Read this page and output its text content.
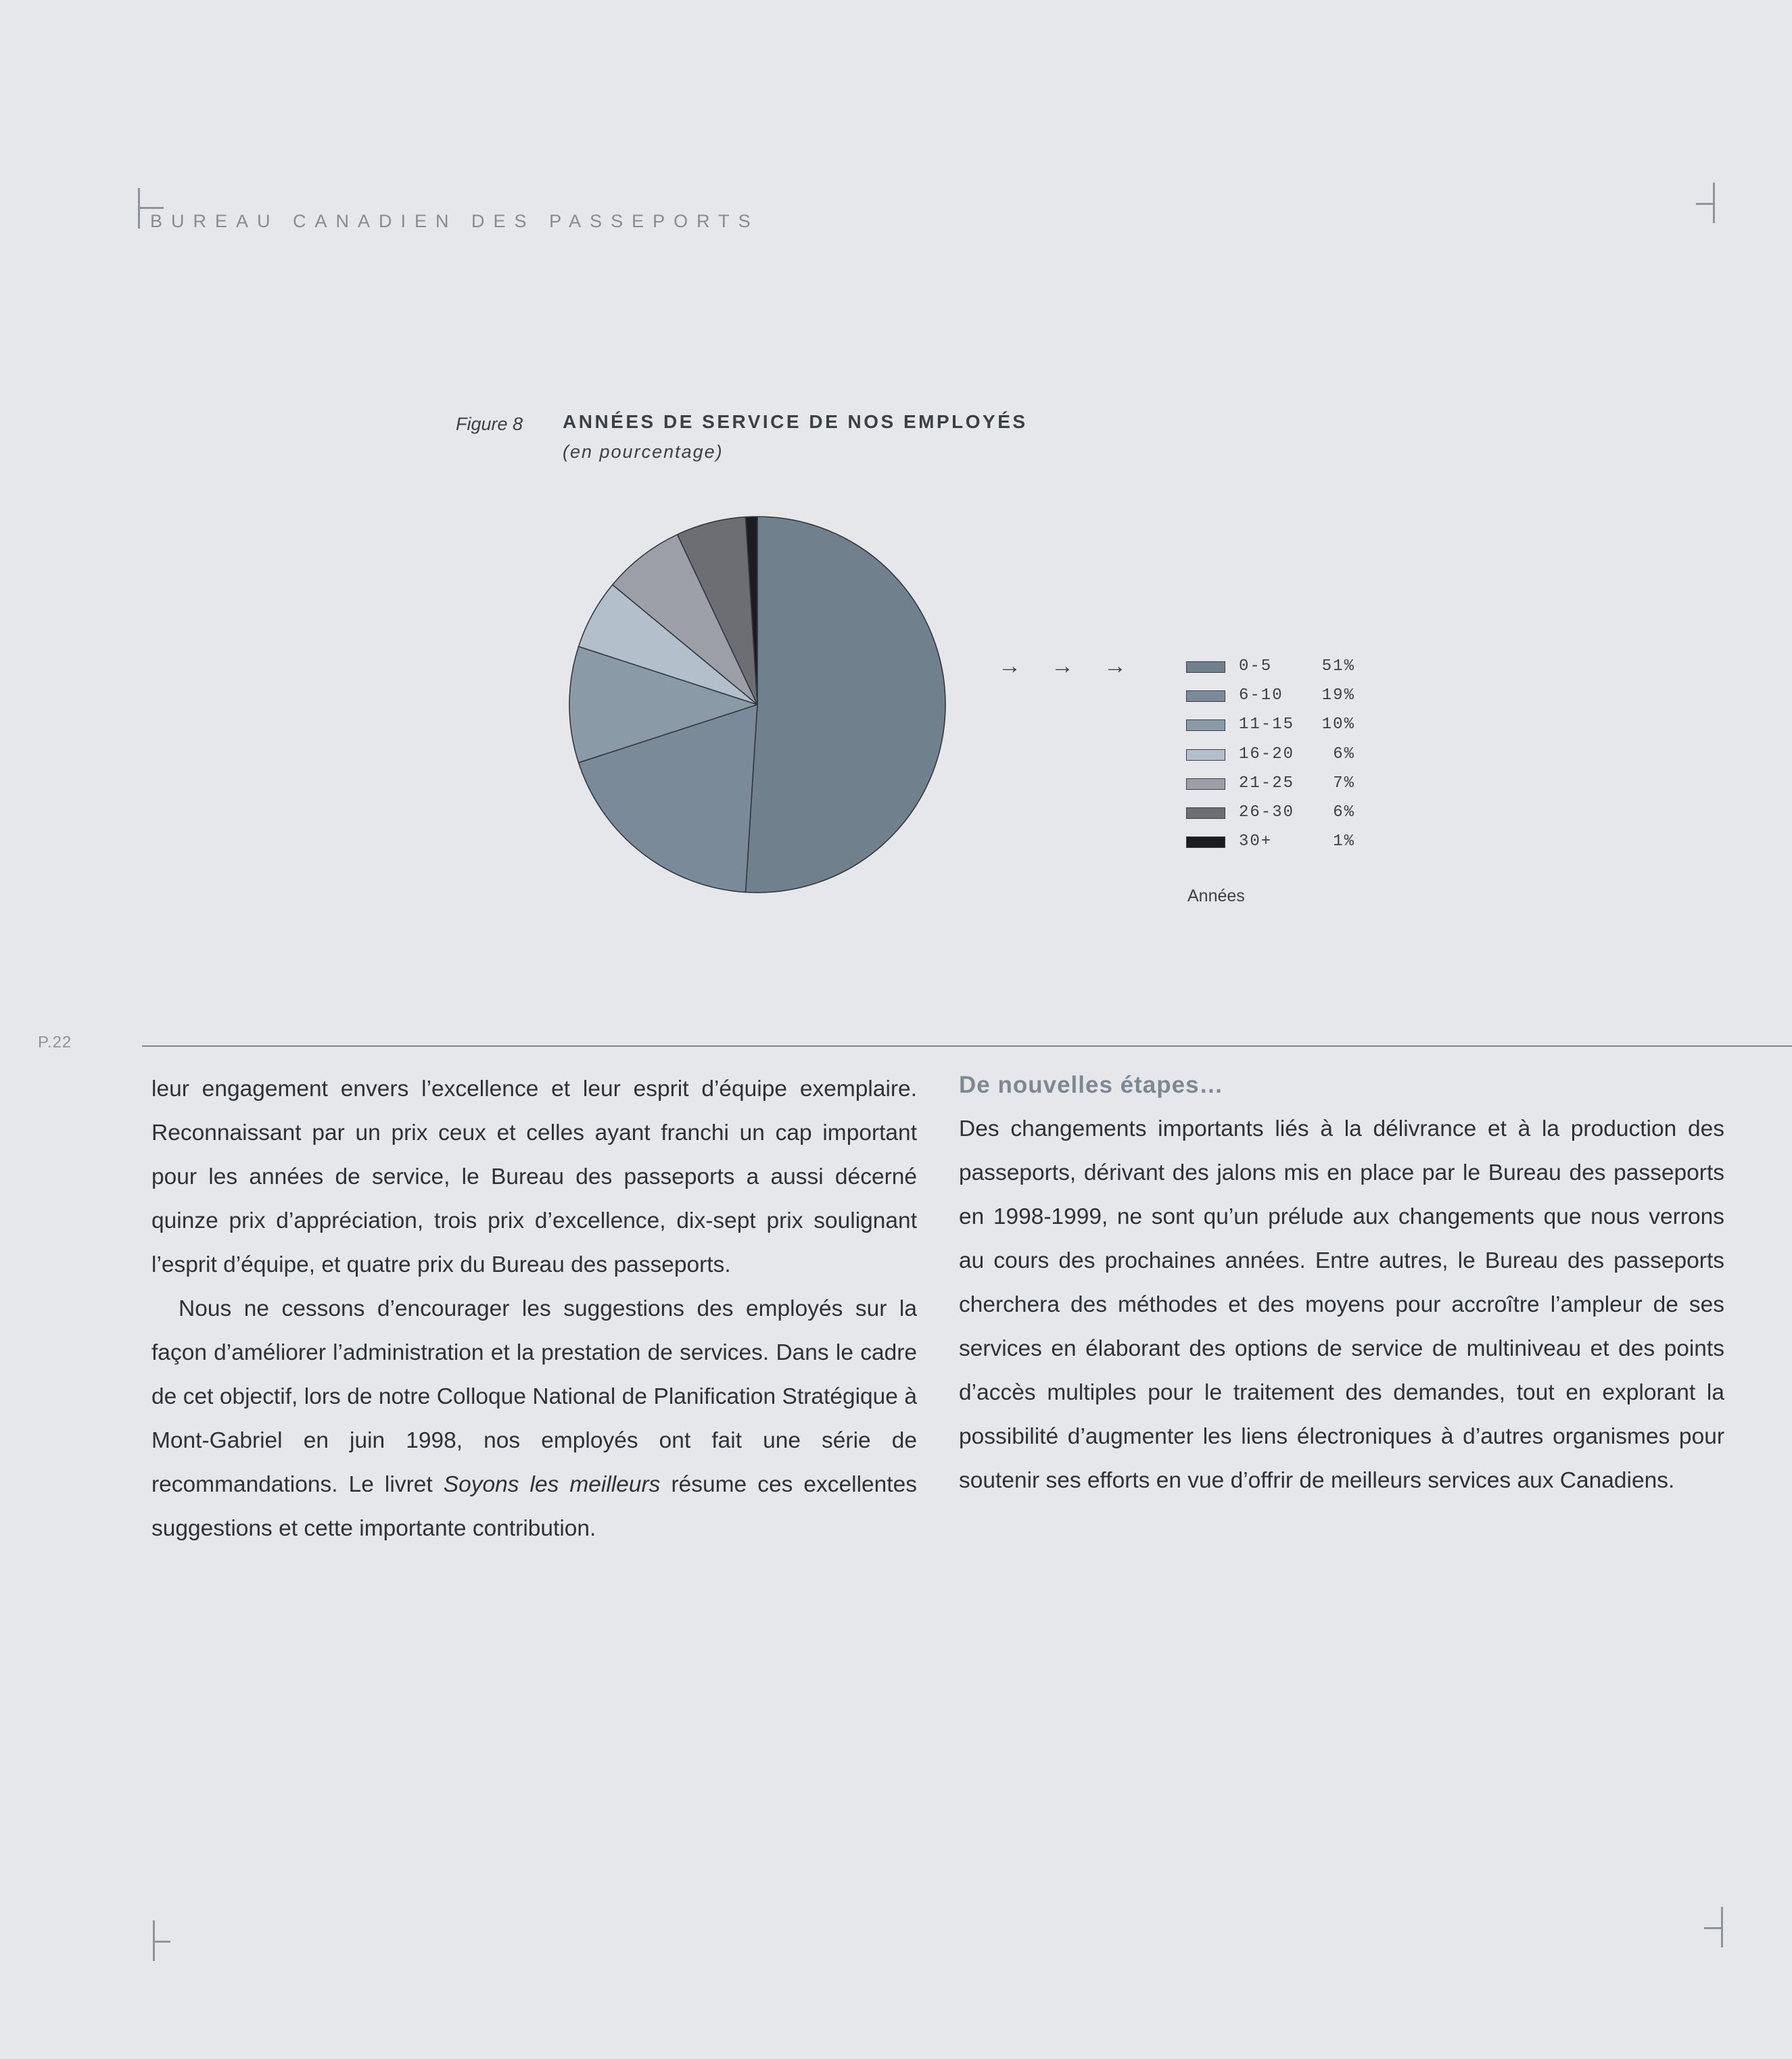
BUREAU CANADIEN DES PASSEPORTS
Figure 8 ANNÉES DE SERVICE DE NOS EMPLOYÉS
(en pourcentage)
→ → →	0-5	51%
6-10 19%
11-15 10%
16-20 6%
21-25 7%
26-30 6%
30+	1%
Années
P.22

leur engagement envers l’excellence et leur esprit d’équipe exemplaire. Reconnaissant par un prix ceux et celles ayant franchi un cap important pour les années de service, le Bureau des passeports a aussi décerné quinze prix d’appréciation, trois prix d’excellence, dix-sept prix soulignant l’esprit d’équipe, et quatre prix du Bureau des passeports.

Nous ne cessons d’encourager les suggestions des employés sur la façon d’améliorer l’administration et la prestation de services. Dans le cadre de cet objectif, lors de notre Colloque National de Planification Stratégique à Mont-Gabriel en juin 1998, nos employés ont fait une série de recommandations. Le livret Soyons les meilleurs résume ces excellentes suggestions et cette importante contribution.

De nouvelles étapes…

Des changements importants liés à la délivrance et à la production des passeports, dérivant des jalons mis en place par le Bureau des passeports en 1998-1999, ne sont qu’un prélude aux changements que nous verrons au cours des prochaines années. Entre autres, le Bureau des passeports cherchera des méthodes et des moyens pour accroître l’ampleur de ses services en élaborant des options de service de multiniveau et des points d’accès multiples pour le traitement des demandes, tout en explorant la possibilité d’augmenter les liens électroniques à d’autres organismes pour soutenir ses efforts en vue d’offrir de meilleurs services aux Canadiens.
